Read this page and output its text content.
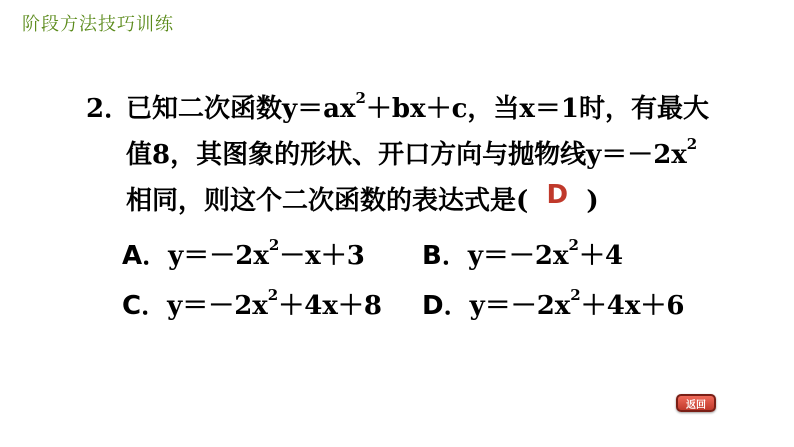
阶段方法技巧训练
2．已知二次函数$y=ax^2+bx+c$，当x＝1时，有最大
值8，其图象的形状、开口方向与抛物线$y=-2x^2$
相同，则这个二次函数的表达式是( D )
A．$y=-2x^2-x+3$	B．$y=-2x^2+4$
C．$y=-2x^2+4x+8$	D．$y=-2x^2+4x+6$
返回
